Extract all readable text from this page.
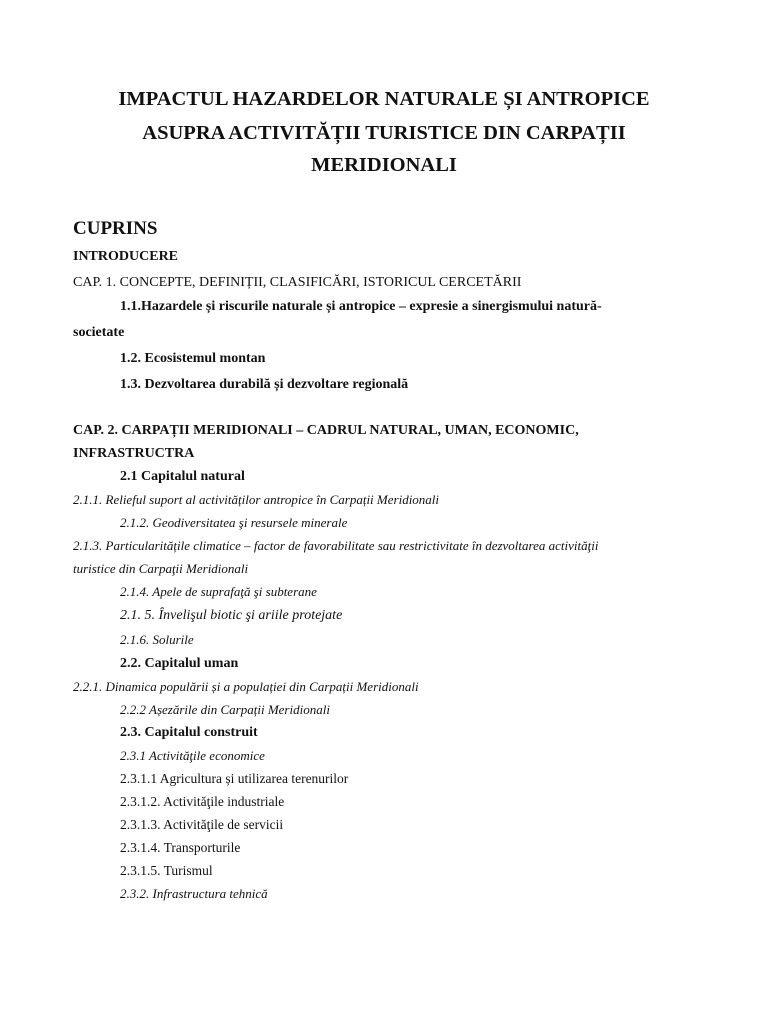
IMPACTUL HAZARDELOR NATURALE ȘI ANTROPICE
ASUPRA ACTIVITĂȚII TURISTICE DIN CARPAȚII
MERIDIONALI
CUPRINS
INTRODUCERE
CAP. 1. CONCEPTE, DEFINIȚII, CLASIFICĂRI, ISTORICUL CERCETĂRII
1.1.Hazardele și riscurile naturale și antropice – expresie a sinergismului natură-
societate
1.2. Ecosistemul montan
1.3. Dezvoltarea durabilă și dezvoltare regională
CAP. 2. CARPAȚII MERIDIONALI – CADRUL NATURAL, UMAN, ECONOMIC,
INFRASTRUCTRA
2.1 Capitalul natural
2.1.1. Relieful suport al activităților antropice în Carpații Meridionali
2.1.2. Geodiversitatea şi resursele minerale
2.1.3. Particularitățile climatice – factor de favorabilitate sau restrictivitate în dezvoltarea activităţii
turistice din Carpaţii Meridionali
2.1.4. Apele de suprafaţă şi subterane
2.1. 5. Învelişul biotic şi ariile protejate
2.1.6. Solurile
2.2. Capitalul uman
2.2.1. Dinamica populării și a populației din Carpații Meridionali
2.2.2 Așezările din Carpații Meridionali
2.3. Capitalul construit
2.3.1 Activităţile economice
2.3.1.1 Agricultura și utilizarea terenurilor
2.3.1.2. Activităţile industriale
2.3.1.3. Activităţile de servicii
2.3.1.4. Transporturile
2.3.1.5. Turismul
2.3.2. Infrastructura tehnică
